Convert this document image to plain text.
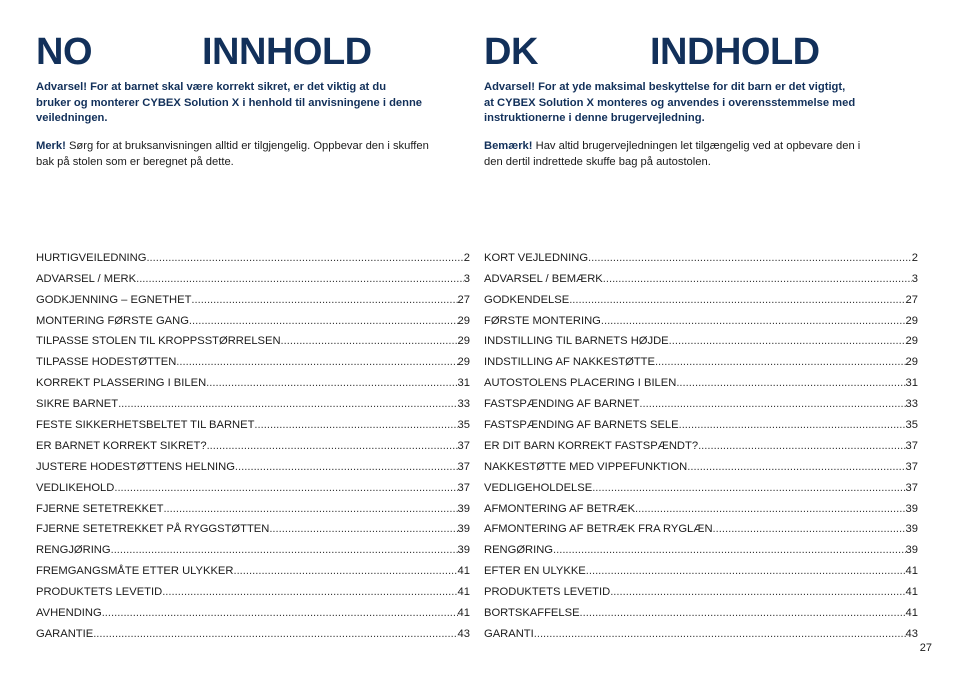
NO	INNHOLD
Advarsel! For at barnet skal være korrekt sikret, er det viktig at du
bruker og monterer CYBEX Solution X i henhold til anvisningene i denne
veiledningen.
Merk! Sørg for at bruksanvisningen alltid er tilgjengelig. Oppbevar den i skuffen
bak på stolen som er beregnet på dette.
HURTIGVEILEDNING .....	2
ADVARSEL / MERK .....	3
GODKJENNING – EGNETHET .....	27
MONTERING FØRSTE GANG .....	29
TILPASSE STOLEN TIL KROPPSSTØRRELSEN .....	29
TILPASSE HODESTØTTEN .....	29
KORREKT PLASSERING I BILEN .....	31
SIKRE BARNET .....	33
FESTE SIKKERHETSBELTET TIL BARNET .....	35
ER BARNET KORREKT SIKRET? .....	37
JUSTERE HODESTØTTENS HELNING .....	37
VEDLIKEHOLD .....	37
FJERNE SETETREKKET .....	39
FJERNE SETETREKKET PÅ RYGGSTØTTEN .....	39
RENGJØRING .....	39
FREMGANGSMÅTE ETTER ULYKKER .....	41
PRODUKTETS LEVETID .....	41
AVHENDING .....	41
GARANTIE .....	43
DK	INDHOLD
Advarsel! For at yde maksimal beskyttelse for dit barn er det vigtigt,
at CYBEX Solution X monteres og anvendes i overensstemmelse med
instruktionerne i denne brugervejledning.
Bemærk! Hav altid brugervejledningen let tilgængelig ved at opbevare den i
den dertil indrettede skuffe bag på autostolen.
KORT VEJLEDNING .....	2
ADVARSEL / BEMÆRK .....	3
GODKENDELSE .....	27
FØRSTE MONTERING .....	29
INDSTILLING TIL BARNETS HØJDE .....	29
INDSTILLING AF NAKKESTØTTE .....	29
AUTOSTOLENS PLACERING I BILEN .....	31
FASTSPÆNDING AF BARNET .....	33
FASTSPÆNDING AF BARNETS SELE .....	35
ER DIT BARN KORREKT FASTSPÆNDT? .....	37
NAKKESTØTTE MED VIPPEFUNKTION .....	37
VEDLIGEHOLDELSE .....	37
AFMONTERING AF BETRÆK .....	39
AFMONTERING AF BETRÆK FRA RYGLÆN .....	39
RENGØRING .....	39
EFTER EN ULYKKE .....	41
PRODUKTETS LEVETID .....	41
BORTSKAFFELSE .....	41
GARANTI .....	43
27
